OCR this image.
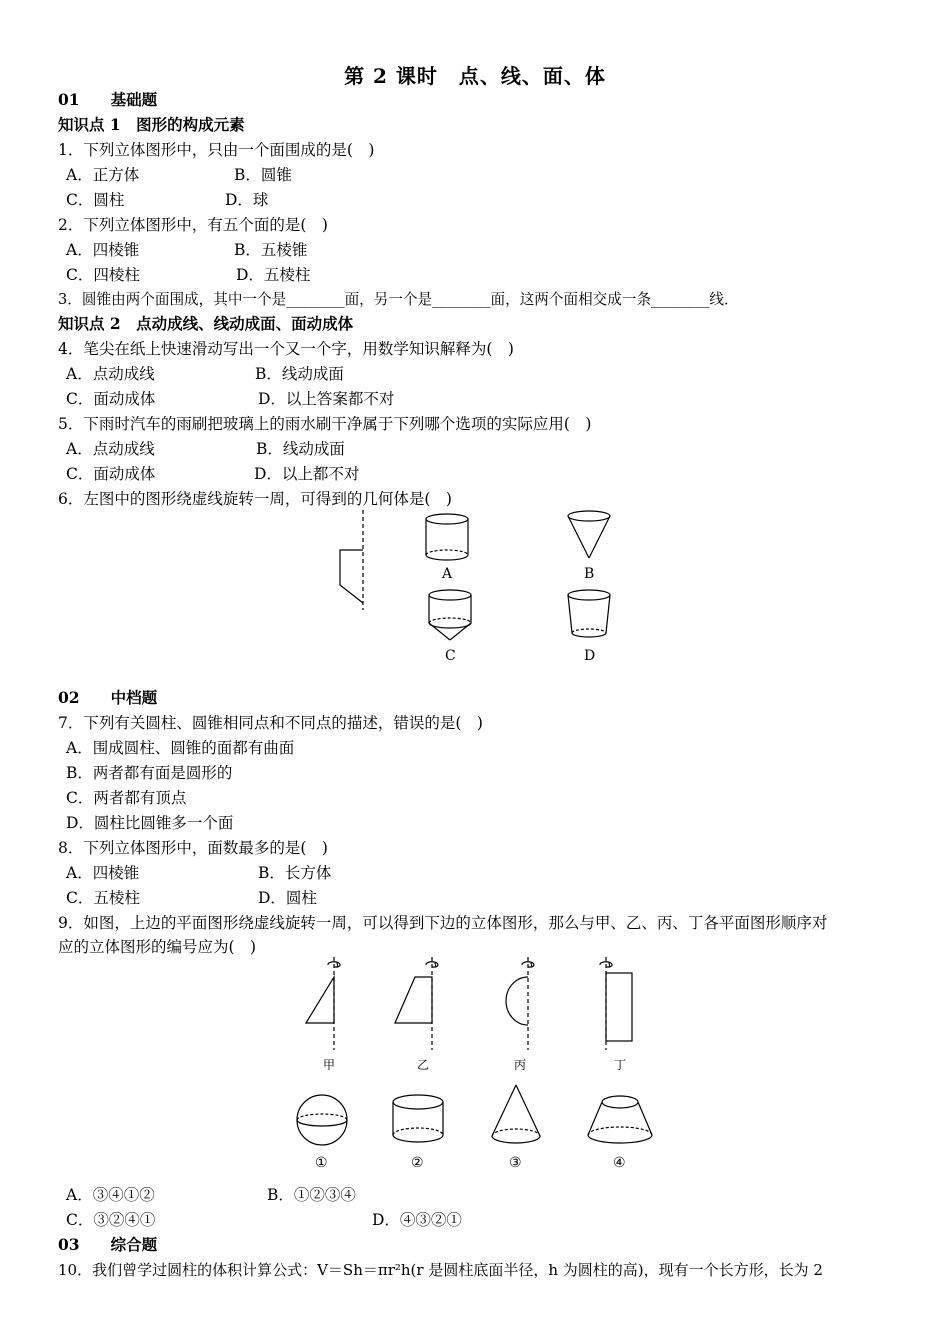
第 2 课时　点、线、面、体
01　　基础题
知识点 1　图形的构成元素
1．下列立体图形中，只由一个面围成的是(　)
A．正方体	B．圆锥
C．圆柱	D．球
2．下列立体图形中，有五个面的是(　)
A．四棱锥	B．五棱锥
C．四棱柱	D．五棱柱
3．圆锥由两个面围成，其中一个是________面，另一个是________面，这两个面相交成一条________线．
知识点 2　点动成线、线动成面、面动成体
4．笔尖在纸上快速滑动写出一个又一个字，用数学知识解释为(　)
A．点动成线	B．线动成面
C．面动成体	D．以上答案都不对
5．下雨时汽车的雨刷把玻璃上的雨水刷干净属于下列哪个选项的实际应用(　)
A．点动成线	B．线动成面
C．面动成体	D．以上都不对
6．左图中的图形绕虚线旋转一周，可得到的几何体是(　)
A	B
C	D
02　　中档题
7．下列有关圆柱、圆锥相同点和不同点的描述，错误的是(　)
A．围成圆柱、圆锥的面都有曲面
B．两者都有面是圆形的
C．两者都有顶点
D．圆柱比圆锥多一个面
8．下列立体图形中，面数最多的是(　)
A．四棱锥	B．长方体
C．五棱柱	D．圆柱
9．如图，上边的平面图形绕虚线旋转一周，可以得到下边的立体图形，那么与甲、乙、丙、丁各平面图形顺序对
应的立体图形的编号应为(　)
甲	乙	丙	丁
①	②	③	④
A．③④①②	B．①②③④
C．③②④①	D．④③②①
03　　综合题
10．我们曾学过圆柱的体积计算公式：V＝Sh＝πr²h(r 是圆柱底面半径，h 为圆柱的高)，现有一个长方形，长为 2
